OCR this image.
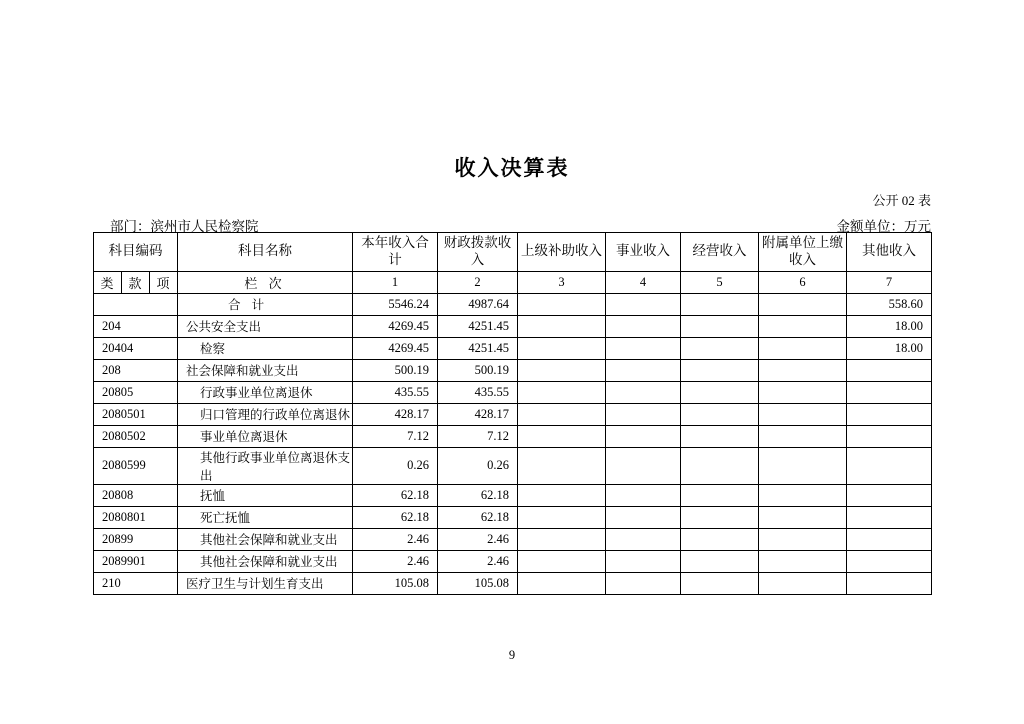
收入决算表
公开 02 表
部门：滨州市人民检察院	金额单位：万元
科目编码			科目名称	本年收入合计	财政拨款收入	上级补助收入	事业收入	经营收入	附属单位上缴收入	其他收入

类	款	项	栏 次	1	2	3	4	5	6	7
			合 计	5546.24	4987.64					558.60
204			公共安全支出	4269.45	4251.45					18.00
20404			检察	4269.45	4251.45					18.00
208			社会保障和就业支出	500.19	500.19					
20805			行政事业单位离退休	435.55	435.55					
2080501			归口管理的行政单位离退休	428.17	428.17					
2080502			事业单位离退休	7.12	7.12					
2080599			其他行政事业单位离退休支出	0.26	0.26					
20808			抚恤	62.18	62.18					
2080801			死亡抚恤	62.18	62.18					
20899			其他社会保障和就业支出	2.46	2.46					
2089901			其他社会保障和就业支出	2.46	2.46					
210			医疗卫生与计划生育支出	105.08	105.08					
9
